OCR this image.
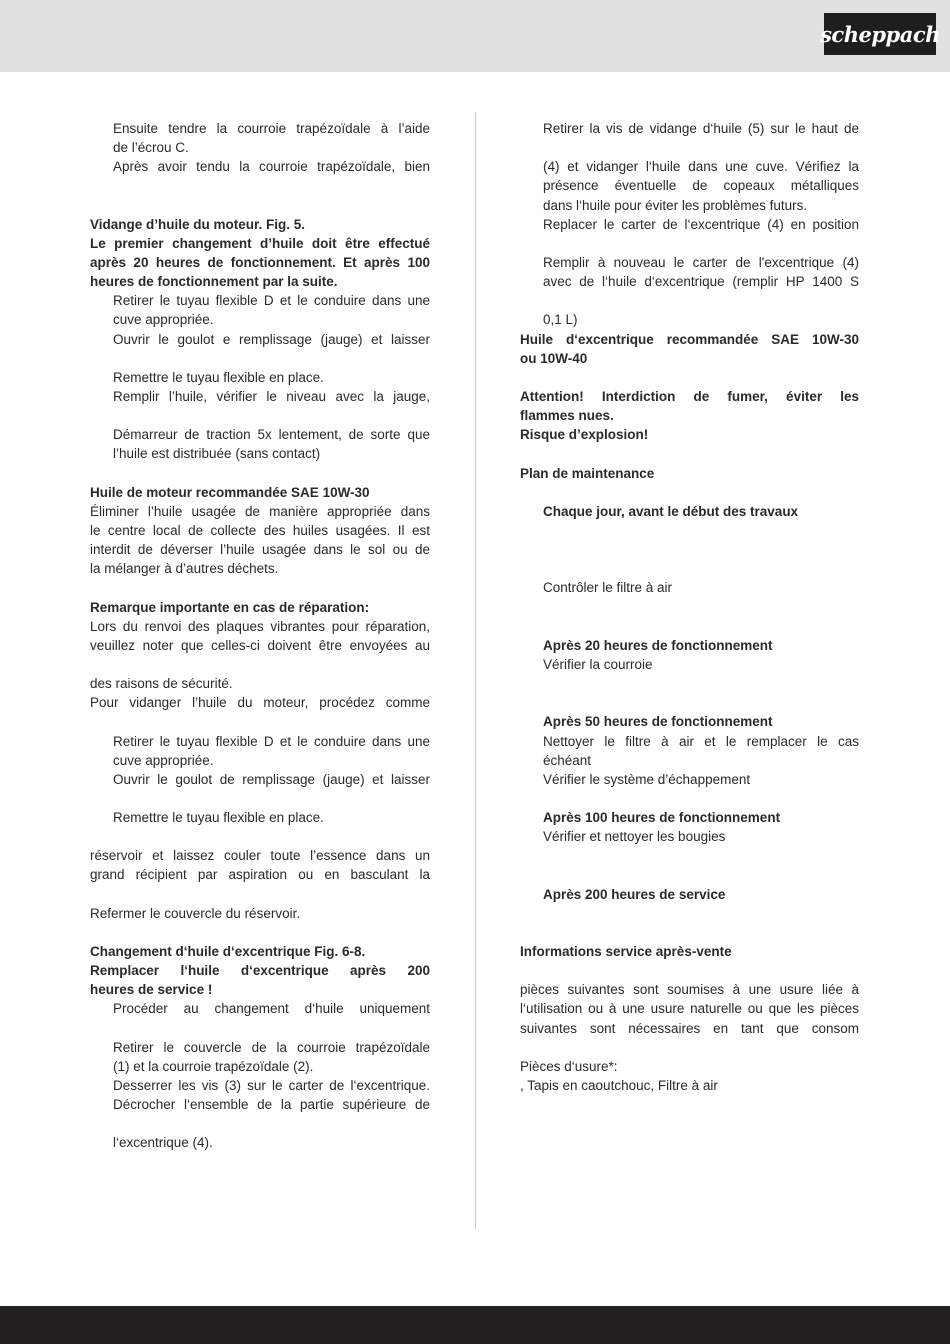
scheppach
Ensuite tendre la courroie trapézoïdale à l’aide
de l’écrou C.
Après avoir tendu la courroie trapézoïdale, bien
Vidange d’huile du moteur. Fig. 5.
Le premier changement d’huile doit être effectué
après 20 heures de fonctionnement. Et après 100
heures de fonctionnement par la suite.
Retirer le tuyau flexible D et le conduire dans une
cuve appropriée.
Ouvrir le goulot e remplissage (jauge) et laisser
Remettre le tuyau flexible en place.
Remplir l’huile, vérifier le niveau avec la jauge,
Démarreur de traction 5x lentement, de sorte que
l’huile est distribuée (sans contact)
Huile de moteur recommandée SAE 10W-30
Éliminer l’huile usagée de manière appropriée dans
le centre local de collecte des huiles usagées. Il est
interdit de déverser l’huile usagée dans le sol ou de
la mélanger à d’autres déchets.
Remarque importante en cas de réparation:
Lors du renvoi des plaques vibrantes pour réparation,
veuillez noter que celles-ci doivent être envoyées au
des raisons de sécurité.
Pour vidanger l’huile du moteur, procédez comme
Retirer le tuyau flexible D et le conduire dans une
cuve appropriée.
Ouvrir le goulot de remplissage (jauge) et laisser
Remettre le tuyau flexible en place.
réservoir et laissez couler toute l’essence dans un
grand récipient par aspiration ou en basculant la
Refermer le couvercle du réservoir.
Changement d‘huile d‘excentrique Fig. 6-8.
Remplacer l‘huile d‘excentrique après 200
heures de service !
Procéder au changement d‘huile uniquement
Retirer le couvercle de la courroie trapézoïdale
(1) et la courroie trapézoïdale (2).
Desserrer les vis (3) sur le carter de l‘excentrique.
Décrocher l‘ensemble de la partie supérieure de
l‘excentrique (4).
Retirer la vis de vidange d‘huile (5) sur le haut de
(4) et vidanger l‘huile dans une cuve. Vérifiez la
présence éventuelle de copeaux métalliques
dans l‘huile pour éviter les problèmes futurs.
Replacer le carter de l‘excentrique (4) en position
Remplir à nouveau le carter de l'excentrique (4)
avec de l‘huile d‘excentrique (remplir HP 1400 S
0,1 L)
Huile d‘excentrique recommandée SAE 10W-30
ou 10W-40
Attention! Interdiction de fumer, éviter les
flammes nues.
Risque d’explosion!
Plan de maintenance
Chaque jour, avant le début des travaux
Contrôler le filtre à air
Après 20 heures de fonctionnement
Vérifier la courroie
Après 50 heures de fonctionnement
Nettoyer le filtre à air et le remplacer le cas
échéant
Vérifier le système d’échappement
Après 100 heures de fonctionnement
Vérifier et nettoyer les bougies
Après 200 heures de service
Informations service après-vente
pièces suivantes sont soumises à une usure liée à
l‘utilisation ou à une usure naturelle ou que les pièces
suivantes sont nécessaires en tant que consom
Pièces d‘usure*:
, Tapis en caoutchouc, Filtre à air
